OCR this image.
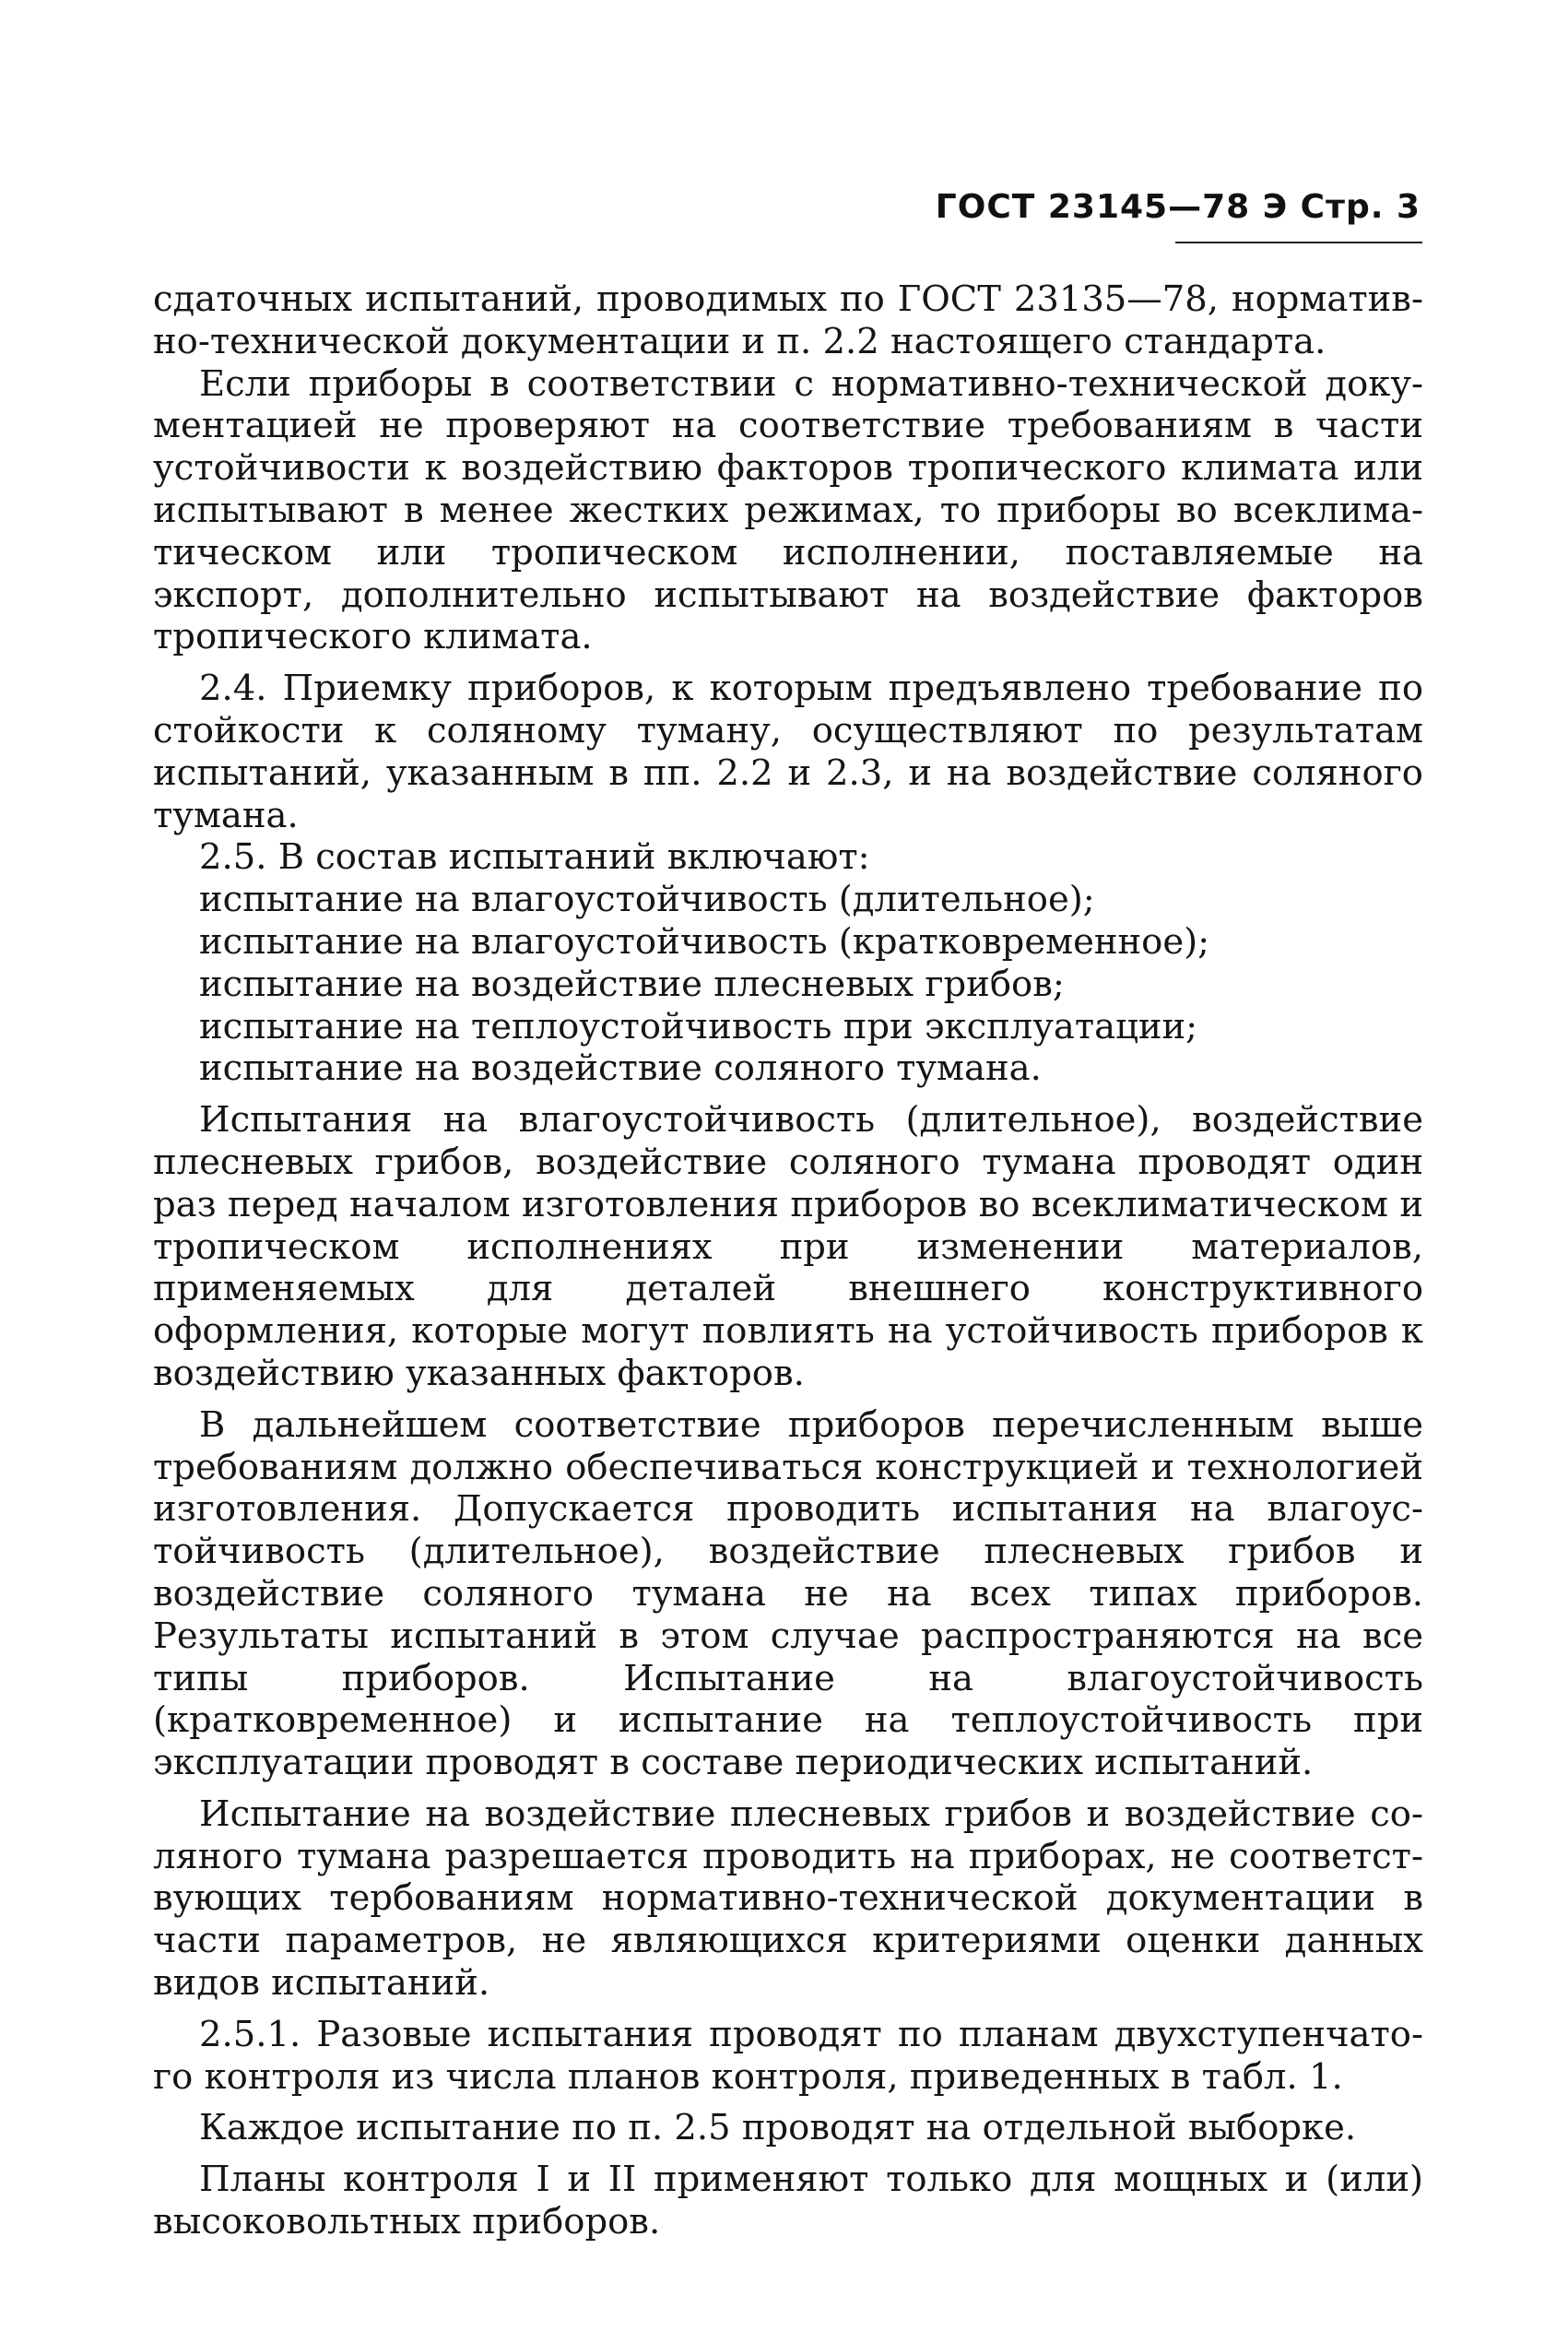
ГОСТ 23145—78 Э Стр. 3

сдаточных испытаний, проводимых по ГОСТ 23135—78, нормативно-технической документации и п. 2.2 настоящего стандарта.

Если приборы в соответствии с нормативно-технической документацией не проверяют на соответствие требованиям в части устойчивости к воздействию факторов тропического климата или испытывают в менее жестких режимах, то приборы во всеклиматическом или тропическом исполнении, поставляемые на экспорт, дополнительно испытывают на воздействие факторов тропического климата.

2.4. Приемку приборов, к которым предъявлено требование по стойкости к соляному туману, осуществляют по результатам испытаний, указанным в пп. 2.2 и 2.3, и на воздействие соляного тумана.

2.5. В состав испытаний включают:

испытание на влагоустойчивость (длительное);
испытание на влагоустойчивость (кратковременное);
испытание на воздействие плесневых грибов;
испытание на теплоустойчивость при эксплуатации;
испытание на воздействие соляного тумана.

Испытания на влагоустойчивость (длительное), воздействие плесневых грибов, воздействие соляного тумана проводят один раз перед началом изготовления приборов во всеклиматическом и тропическом исполнениях при изменении материалов, применяемых для деталей внешнего конструктивного оформления, которые могут повлиять на устойчивость приборов к воздействию указанных факторов.

В дальнейшем соответствие приборов перечисленным выше требованиям должно обеспечиваться конструкцией и технологией изготовления. Допускается проводить испытания на влагоустойчивость (длительное), воздействие плесневых грибов и воздействие соляного тумана не на всех типах приборов. Результаты испытаний в этом случае распространяются на все типы приборов. Испытание на влагоустойчивость (кратковременное) и испытание на теплоустойчивость при эксплуатации проводят в составе периодических испытаний.

Испытание на воздействие плесневых грибов и воздействие соляного тумана разрешается проводить на приборах, не соответствующих тербованиям нормативно-технической документации в части параметров, не являющихся критериями оценки данных видов испытаний.

2.5.1. Разовые испытания проводят по планам двухступенчатого контроля из числа планов контроля, приведенных в табл. 1.

Каждое испытание по п. 2.5 проводят на отдельной выборке.

Планы контроля I и II применяют только для мощных и (или) высоковольтных приборов.
